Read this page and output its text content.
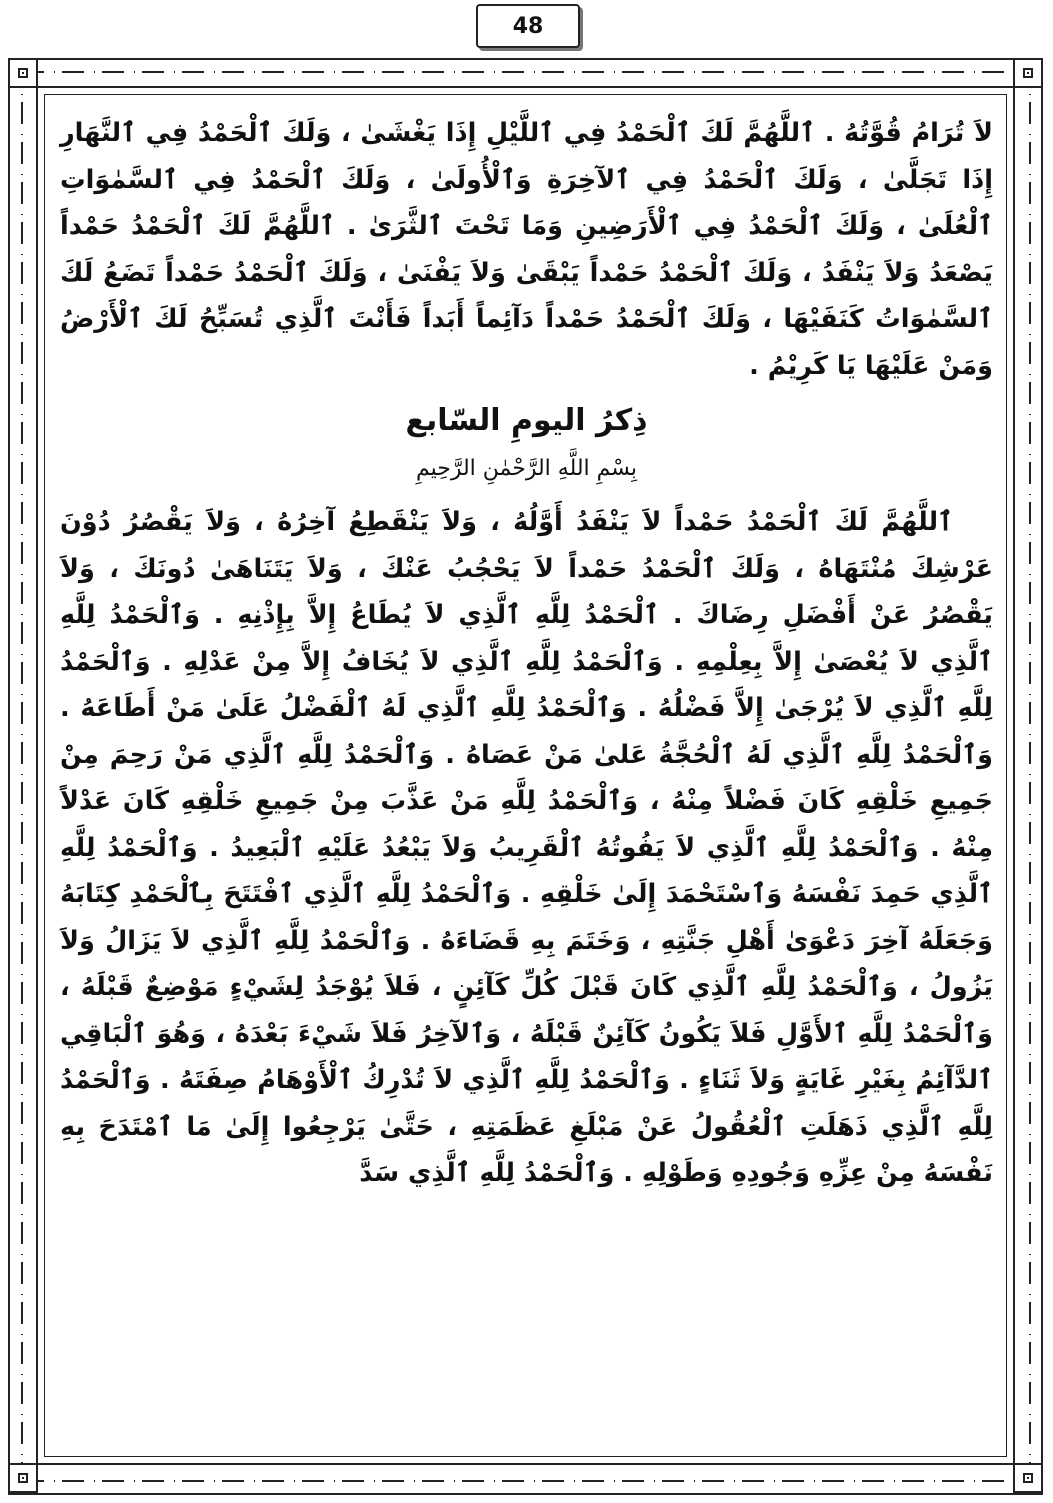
48

لاَ تُرَامُ قُوَّتُهُ . ٱللَّهُمَّ لَكَ ٱلْحَمْدُ فِي ٱللَّيْلِ إِذَا يَغْشَىٰ ، وَلَكَ ٱلْحَمْدُ فِي ٱلنَّهَارِ إِذَا تَجَلَّىٰ ، وَلَكَ ٱلْحَمْدُ فِي ٱلآخِرَةِ وَٱلْأُولَىٰ ، وَلَكَ ٱلْحَمْدُ فِي ٱلسَّمٰوَاتِ ٱلْعُلَىٰ ، وَلَكَ ٱلْحَمْدُ فِي ٱلْأَرَضِينِ وَمَا تَحْتَ ٱلثَّرَىٰ . ٱللَّهُمَّ لَكَ ٱلْحَمْدُ حَمْداً يَصْعَدُ وَلاَ يَنْفَدُ ، وَلَكَ ٱلْحَمْدُ حَمْداً يَبْقَىٰ وَلاَ يَفْنَىٰ ، وَلَكَ ٱلْحَمْدُ حَمْداً تَضَعُ لَكَ ٱلسَّمٰوَاتُ كَنَفَيْهَا ، وَلَكَ ٱلْحَمْدُ حَمْداً دَآئِماً أَبَداً فَأَنْتَ ٱلَّذِي تُسَبِّحُ لَكَ ٱلْأَرْضُ وَمَنْ عَلَيْهَا يَا كَرِيْمُ .

ذِكرُ اليومِ السّابع
بِسْمِ اللَّهِ الرَّحْمٰنِ الرَّحِيمِ

ٱللَّهُمَّ لَكَ ٱلْحَمْدُ حَمْداً لاَ يَنْفَدُ أَوَّلُهُ ، وَلاَ يَنْقَطِعُ آخِرُهُ ، وَلاَ يَقْصُرُ دُوْنَ عَرْشِكَ مُنْتَهَاهُ ، وَلَكَ ٱلْحَمْدُ حَمْداً لاَ يَحْجُبُ عَنْكَ ، وَلاَ يَتَنَاهَىٰ دُونَكَ ، وَلاَ يَقْصُرُ عَنْ أَفْضَلِ رِضَاكَ . ٱلْحَمْدُ لِلَّهِ ٱلَّذِي لاَ يُطَاعُ إِلاَّ بِإِذْنِهِ . وَٱلْحَمْدُ لِلَّهِ ٱلَّذِي لاَ يُعْصَىٰ إِلاَّ بِعِلْمِهِ . وَٱلْحَمْدُ لِلَّهِ ٱلَّذِي لاَ يُخَافُ إِلاَّ مِنْ عَدْلِهِ . وَٱلْحَمْدُ لِلَّهِ ٱلَّذِي لاَ يُرْجَىٰ إِلاَّ فَضْلُهُ . وَٱلْحَمْدُ لِلَّهِ ٱلَّذِي لَهُ ٱلْفَضْلُ عَلَىٰ مَنْ أَطَاعَهُ . وَٱلْحَمْدُ لِلَّهِ ٱلَّذِي لَهُ ٱلْحُجَّةُ عَلىٰ مَنْ عَصَاهُ . وَٱلْحَمْدُ لِلَّهِ ٱلَّذِي مَنْ رَحِمَ مِنْ جَمِيعِ خَلْقِهِ كَانَ فَضْلاً مِنْهُ ، وَٱلْحَمْدُ لِلَّهِ مَنْ عَذَّبَ مِنْ جَمِيعِ خَلْقِهِ كَانَ عَدْلاً مِنْهُ . وَٱلْحَمْدُ لِلَّهِ ٱلَّذِي لاَ يَفُوتُهُ ٱلْقَرِيبُ وَلاَ يَبْعُدُ عَلَيْهِ ٱلْبَعِيدُ . وَٱلْحَمْدُ لِلَّهِ ٱلَّذِي حَمِدَ نَفْسَهُ وَٱسْتَحْمَدَ إِلَىٰ خَلْقِهِ . وَٱلْحَمْدُ لِلَّهِ ٱلَّذِي ٱفْتَتَحَ بِٱلْحَمْدِ كِتَابَهُ وَجَعَلَهُ آخِرَ دَعْوَىٰ أَهْلِ جَنَّتِهِ ، وَخَتَمَ بِهِ قَضَاءَهُ . وَٱلْحَمْدُ لِلَّهِ ٱلَّذِي لاَ يَزَالُ وَلاَ يَزُولُ ، وَٱلْحَمْدُ لِلَّهِ ٱلَّذِي كَانَ قَبْلَ كُلِّ كَآئِنٍ ، فَلاَ يُوْجَدُ لِشَيْءٍ مَوْضِعٌ قَبْلَهُ ، وَٱلْحَمْدُ لِلَّهِ ٱلأَوَّلِ فَلاَ يَكُونُ كَآئِنٌ قَبْلَهُ ، وَٱلآخِرُ فَلاَ شَيْءَ بَعْدَهُ ، وَهُوَ ٱلْبَاقِي ٱلدَّآئِمُ بِغَيْرِ غَايَةٍ وَلاَ ثَنَاءٍ . وَٱلْحَمْدُ لِلَّهِ ٱلَّذِي لاَ تُدْرِكُ ٱلْأَوْهَامُ صِفَتَهُ . وَٱلْحَمْدُ لِلَّهِ ٱلَّذِي ذَهَلَتِ ٱلْعُقُولُ عَنْ مَبْلَغِ عَظَمَتِهِ ، حَتَّىٰ يَرْجِعُوا إِلَىٰ مَا ٱمْتَدَحَ بِهِ نَفْسَهُ مِنْ عِزِّهِ وَجُودِهِ وَطَوْلِهِ . وَٱلْحَمْدُ لِلَّهِ ٱلَّذِي سَدَّ
